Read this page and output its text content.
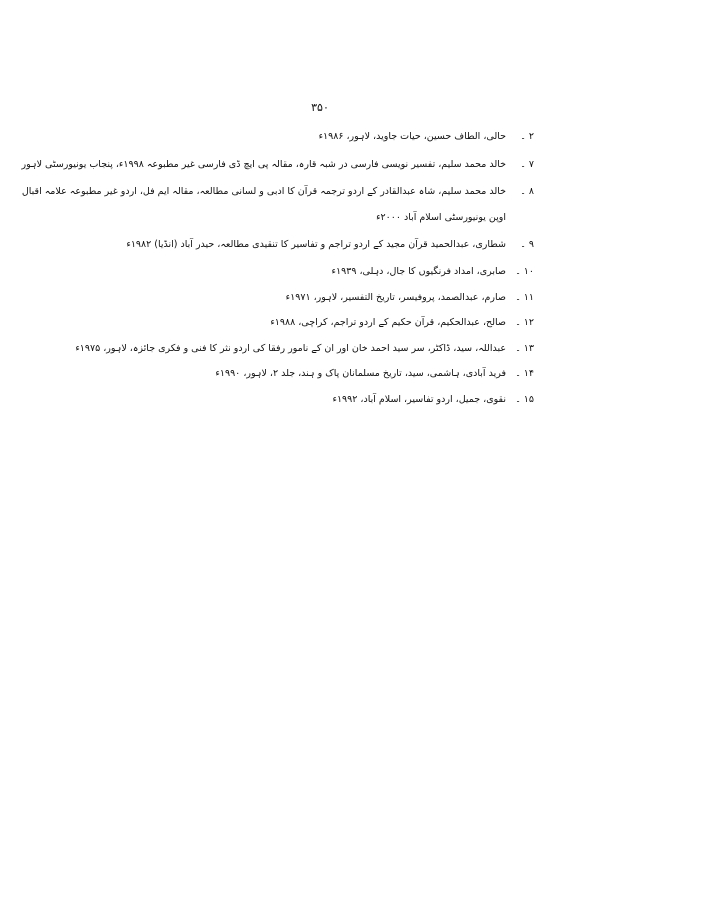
۳۵۰
۲ ۔
حالی، الطاف حسین، حیات جاوید، لاہور، ۱۹۸۶ء
۷ ۔
خالد محمد سلیم، تفسیر نویسی فارسی در شبہ قارہ، مقالہ پی ایچ ڈی فارسی غیر مطبوعہ ۱۹۹۸ء، پنجاب یونیورسٹی لاہور
۸ ۔
خالد محمد سلیم، شاہ عبدالقادر کے اردو ترجمہ قرآن کا ادبی و لسانی مطالعہ، مقالہ ایم فل، اردو غیر مطبوعہ علامہ اقبال
اوپن یونیورسٹی اسلام آباد ۲۰۰۰ء
۹ ۔
شطاری، عبدالحمید قرآن مجید کے اردو تراجم و تفاسیر کا تنقیدی مطالعہ، حیدر آباد (انڈیا) ۱۹۸۲ء
۱۰ ۔
صابری، امداد فرنگیوں کا جال، دہلی، ۱۹۳۹ء
۱۱ ۔
صارم، عبدالصمد، پروفیسر، تاریخ التفسیر، لاہور، ۱۹۷۱ء
۱۲ ۔
صالح، عبدالحکیم، قرآن حکیم کے اردو تراجم، کراچی، ۱۹۸۸ء
۱۳ ۔
عبداللہ، سید، ڈاکٹر، سر سید احمد خان اور ان کے نامور رفقا کی اردو نثر کا فنی و فکری جائزہ، لاہور، ۱۹۷۵ء
۱۴ ۔
فرید آبادی، ہاشمی، سید، تاریخ مسلمانان پاک و ہند، جلد ۲، لاہور، ۱۹۹۰ء
۱۵ ۔
نقوی، جمیل، اردو تفاسیر، اسلام آباد، ۱۹۹۲ء
